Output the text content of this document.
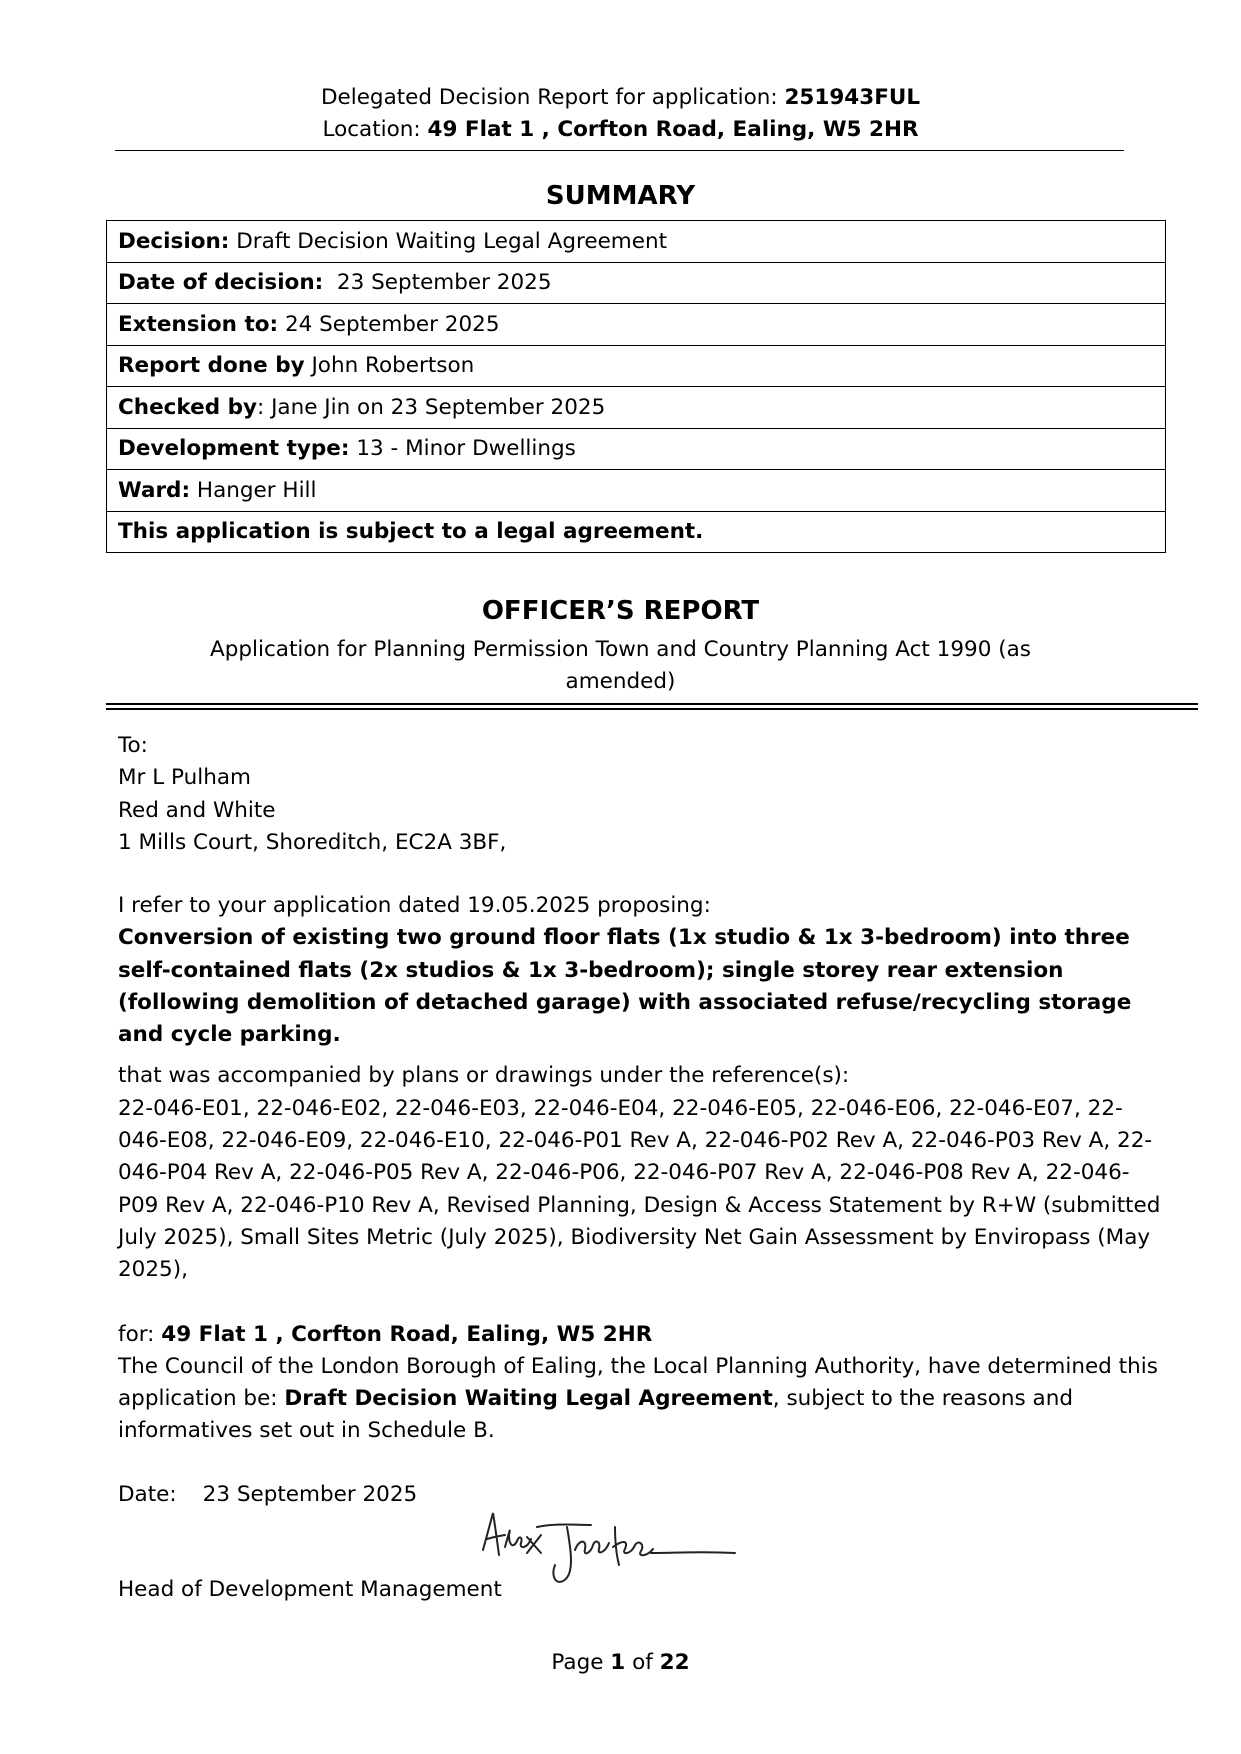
Delegated Decision Report for application: 251943FUL
Location: 49 Flat 1 , Corfton Road, Ealing, W5 2HR
SUMMARY
Decision: Draft Decision Waiting Legal Agreement
Date of decision:  23 September 2025
Extension to: 24 September 2025
Report done by John Robertson
Checked by: Jane Jin on 23 September 2025
Development type: 13 - Minor Dwellings
Ward: Hanger Hill
This application is subject to a legal agreement.
OFFICER’S REPORT
Application for Planning Permission Town and Country Planning Act 1990 (as
amended)
To:
Mr L Pulham
Red and White
1 Mills Court, Shoreditch, EC2A 3BF,
I refer to your application dated 19.05.2025 proposing:
Conversion of existing two ground floor flats (1x studio & 1x 3-bedroom) into three self-contained flats (2x studios & 1x 3-bedroom); single storey rear extension (following demolition of detached garage) with associated refuse/recycling storage and cycle parking.
that was accompanied by plans or drawings under the reference(s):
22-046-E01, 22-046-E02, 22-046-E03, 22-046-E04, 22-046-E05, 22-046-E06, 22-046-E07, 22-046-E08, 22-046-E09, 22-046-E10, 22-046-P01 Rev A, 22-046-P02 Rev A, 22-046-P03 Rev A, 22-046-P04 Rev A, 22-046-P05 Rev A, 22-046-P06, 22-046-P07 Rev A, 22-046-P08 Rev A, 22-046-P09 Rev A, 22-046-P10 Rev A, Revised Planning, Design & Access Statement by R+W (submitted July 2025), Small Sites Metric (July 2025), Biodiversity Net Gain Assessment by Enviropass (May 2025),
for: 49 Flat 1 , Corfton Road, Ealing, W5 2HR
The Council of the London Borough of Ealing, the Local Planning Authority, have determined this application be: Draft Decision Waiting Legal Agreement, subject to the reasons and informatives set out in Schedule B.
Date: 23 September 2025
Head of Development Management
Page 1 of 22
